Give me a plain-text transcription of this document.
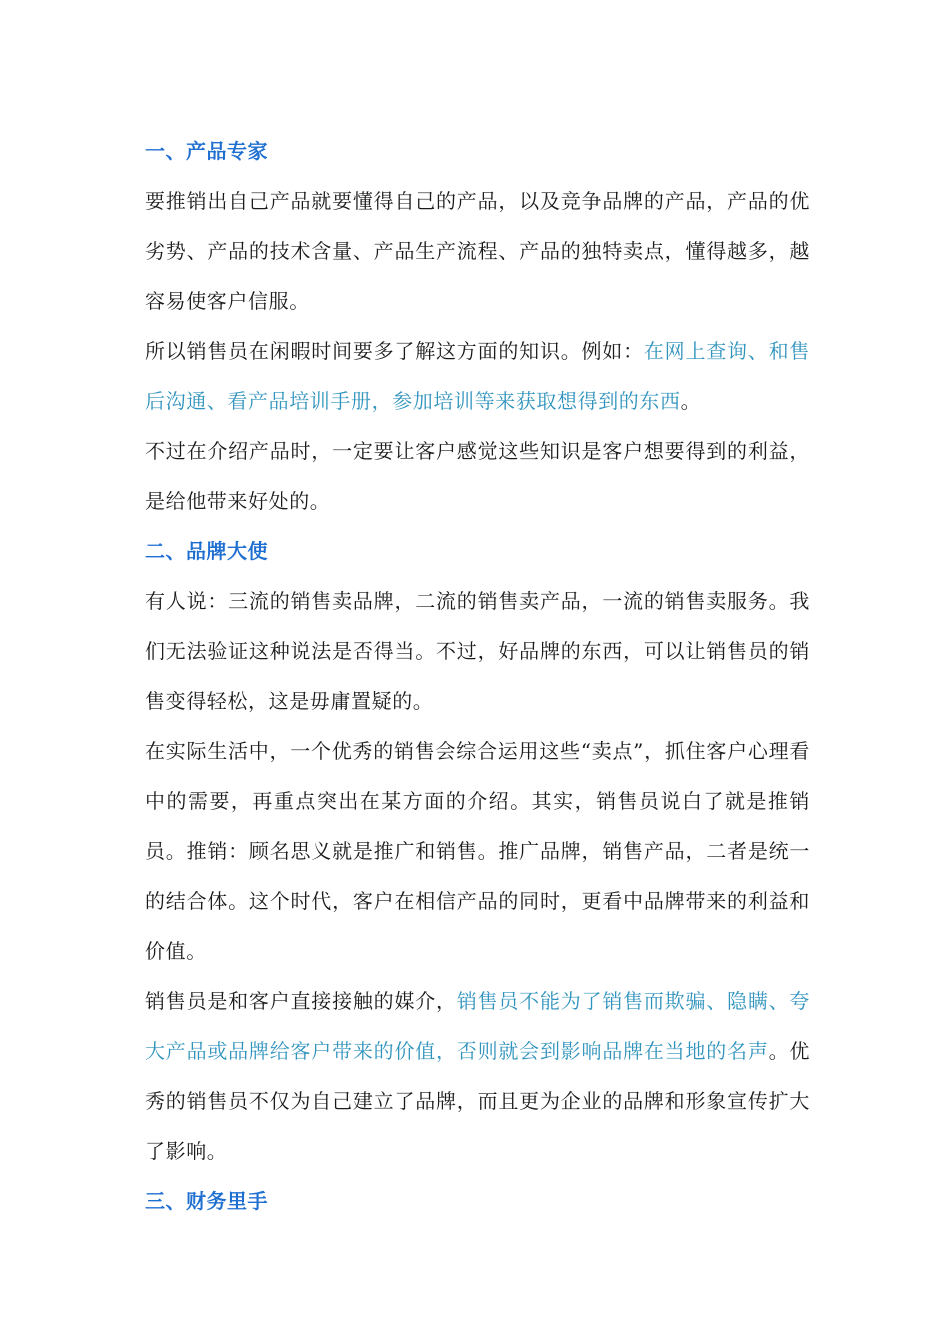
一、产品专家

要推销出自己产品就要懂得自己的产品，以及竞争品牌的产品，产品的优劣势、产品的技术含量、产品生产流程、产品的独特卖点，懂得越多，越容易使客户信服。

所以销售员在闲暇时间要多了解这方面的知识。例如：在网上查询、和售后沟通、看产品培训手册，参加培训等来获取想得到的东西。

不过在介绍产品时，一定要让客户感觉这些知识是客户想要得到的利益，是给他带来好处的。

二、品牌大使

有人说：三流的销售卖品牌，二流的销售卖产品，一流的销售卖服务。我们无法验证这种说法是否得当。不过，好品牌的东西，可以让销售员的销售变得轻松，这是毋庸置疑的。

在实际生活中，一个优秀的销售会综合运用这些“卖点”，抓住客户心理看中的需要，再重点突出在某方面的介绍。其实，销售员说白了就是推销员。推销：顾名思义就是推广和销售。推广品牌，销售产品，二者是统一的结合体。这个时代，客户在相信产品的同时，更看中品牌带来的利益和价值。

销售员是和客户直接接触的媒介，销售员不能为了销售而欺骗、隐瞒、夸大产品或品牌给客户带来的价值，否则就会到影响品牌在当地的名声。优秀的销售员不仅为自己建立了品牌，而且更为企业的品牌和形象宣传扩大了影响。

三、财务里手
